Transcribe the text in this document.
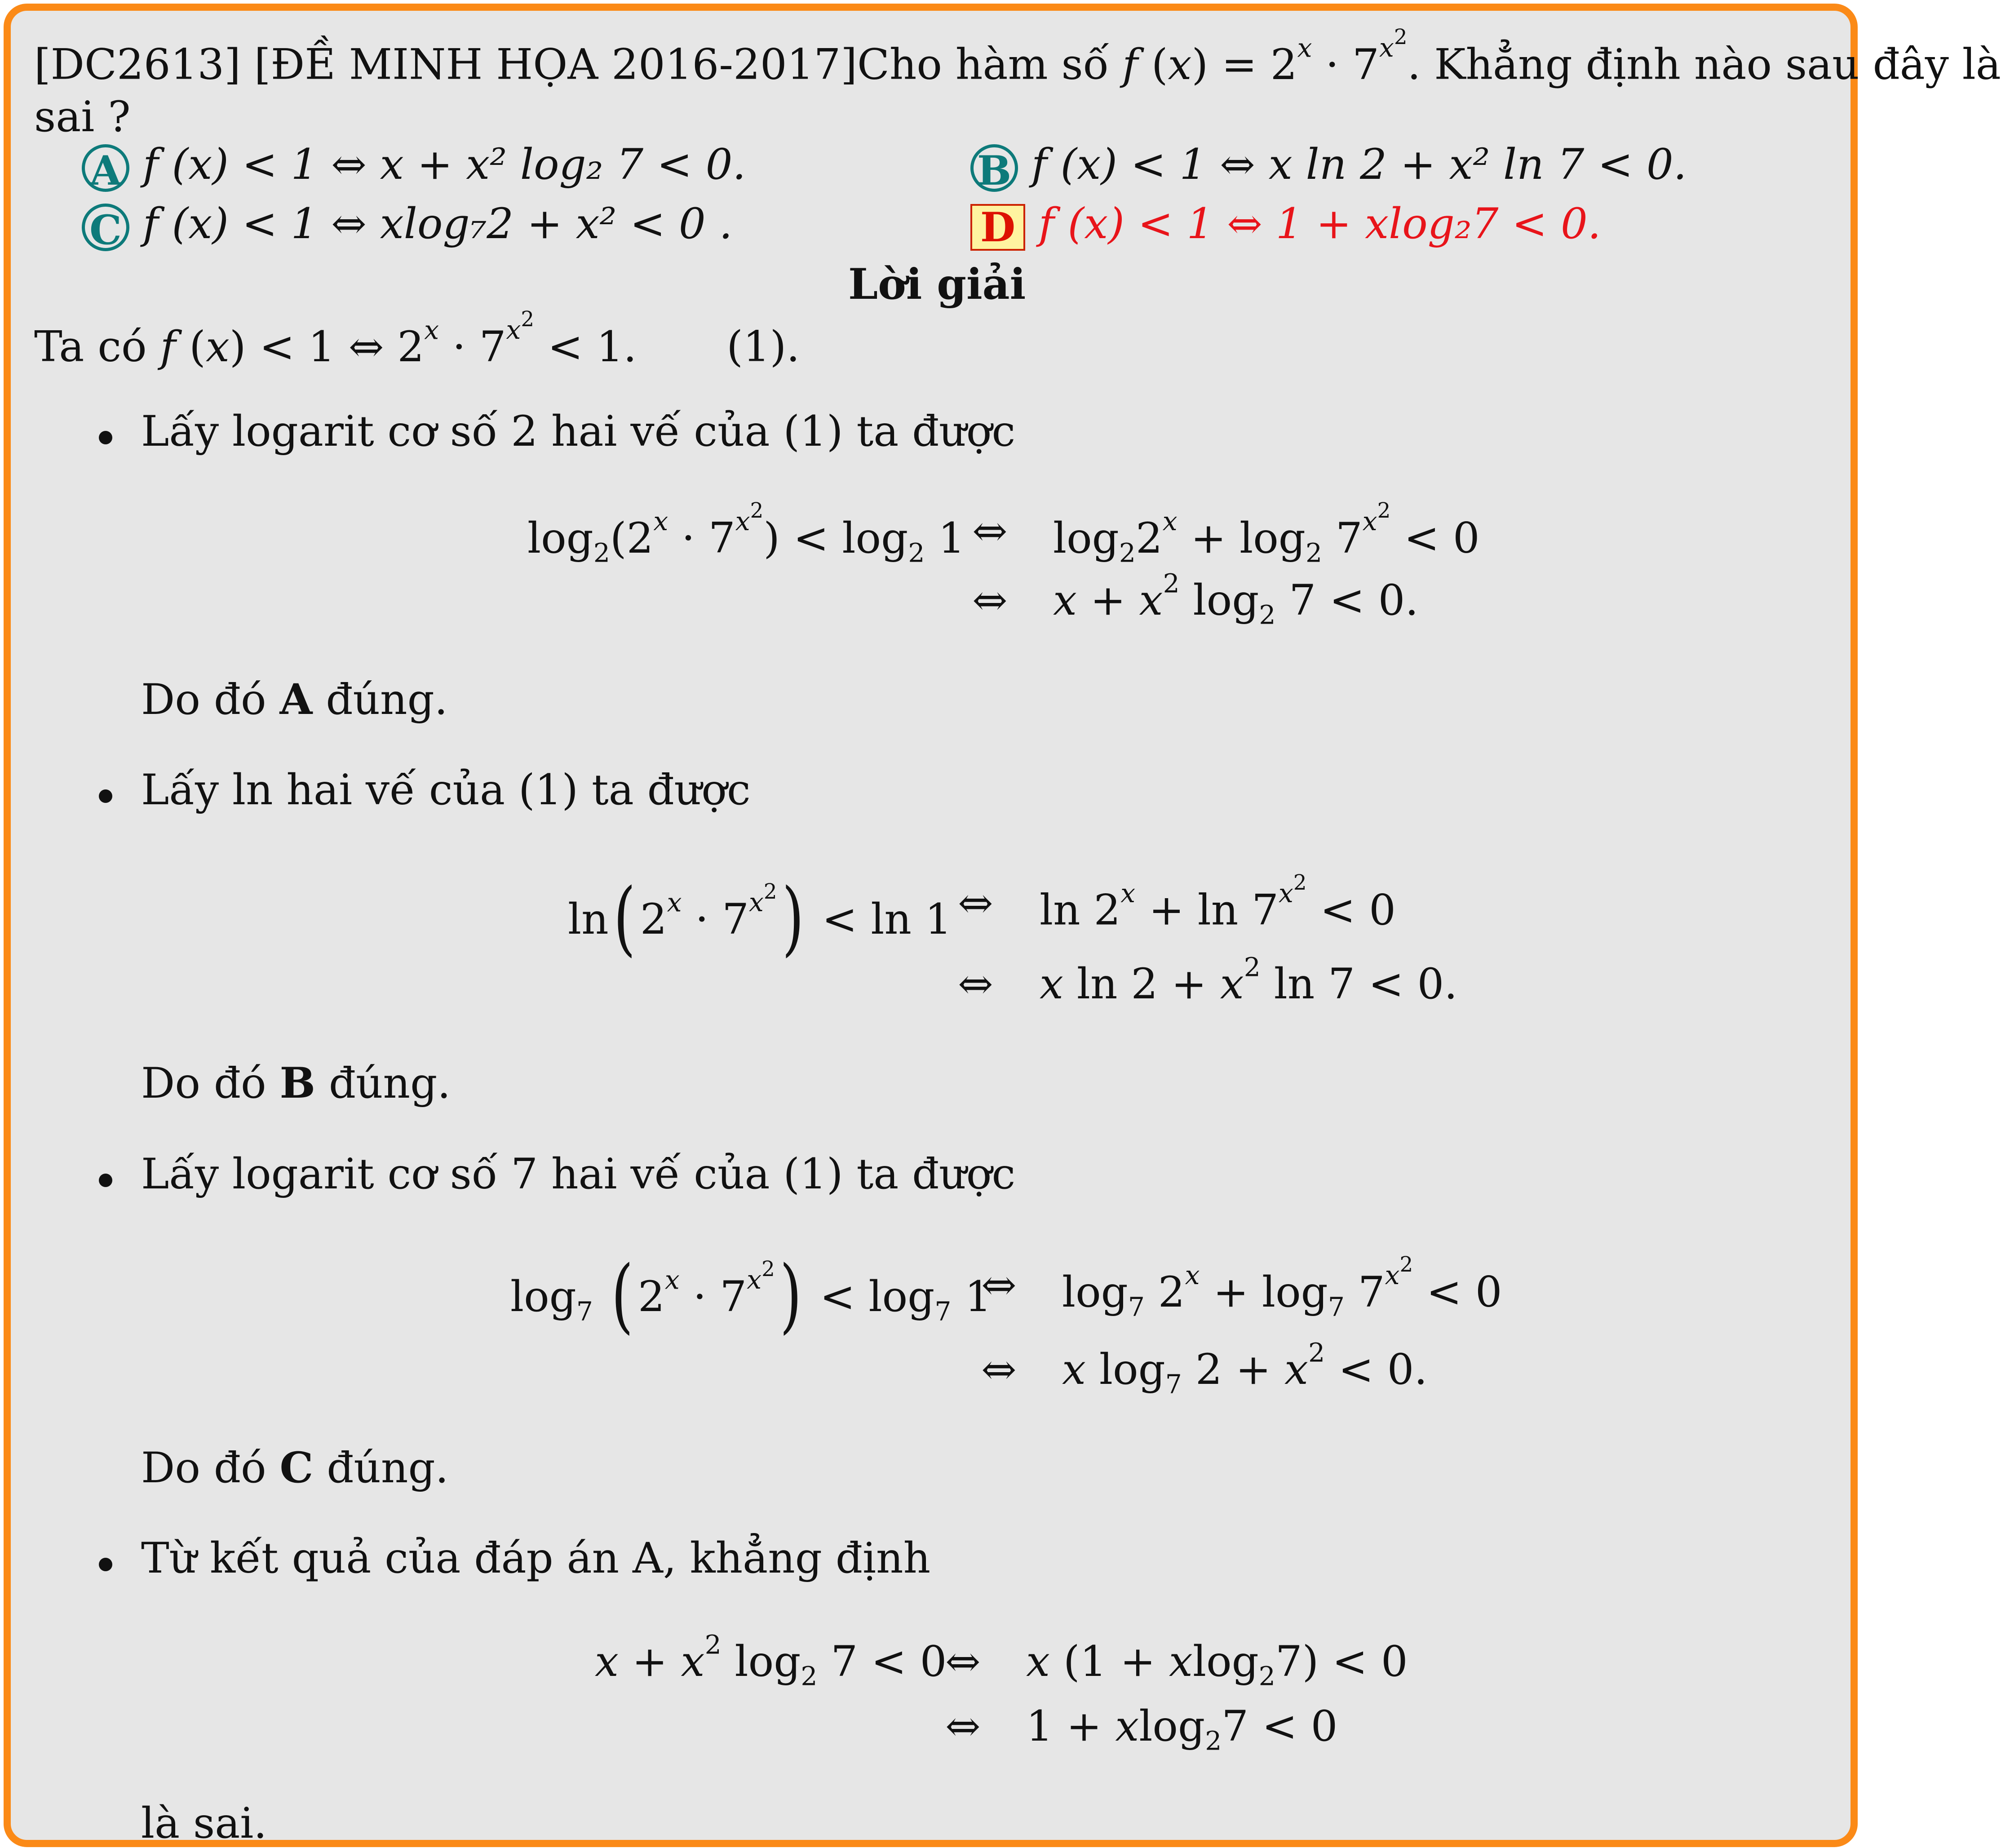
[DC2613] [ĐỀ MINH HỌA 2016-2017]Cho hàm số f $(x) = 2^x \cdot 7^{x^2}$. Khẳng định nào sau đây là
sai ?
A f (x) < 1 ⇔ x + x² log₂ 7 < 0.	B f (x) < 1 ⇔ x ln 2 + x² ln 7 < 0.
C f (x) < 1 ⇔ xlog₇2 + x² < 0 .	D f (x) < 1 ⇔ 1 + xlog₂7 < 0.
Lời giải
Ta có f (x) < 1 ⇔ $2^x \cdot 7^{x^2} < 1$. (1).
Lấy logarit cơ số 2 hai vế của (1) ta được
$\log_2(2^x \cdot 7^{x^2}) < \log_2 1$ ⇔ $\log_22^x + \log_2 7^{x^2} < 0$
⇔ $x + x^2$ $\log_2 7 < 0$.
Do đó A đúng.
Lấy ln hai vế của (1) ta được
ln( $2^x \cdot 7^{x^2}) < \ln 1$ ⇔ $\ln 2^x + \ln 7^{x^2} < 0$
⇔ x $\ln 2 + x^2$ ln 7 < 0.
Do đó B đúng.
Lấy logarit cơ số 7 hai vế của (1) ta được
$\log_7$ ( $2^x \cdot 7^{x^2}) < \log_7 1$
⇔ $\log_7 2^x + \log_7 7^{x^2} < 0$
⇔ x $\log_7 2 + x^2 < 0$.
Do đó C đúng.
Từ kết quả của đáp án A, khẳng định
$x + x^2$ $\log_2 7 < 0$
⇔ x (1 + xlog$_2$7) < 0
⇔ 1 + xlog$_2$7 < 0
là sai.
